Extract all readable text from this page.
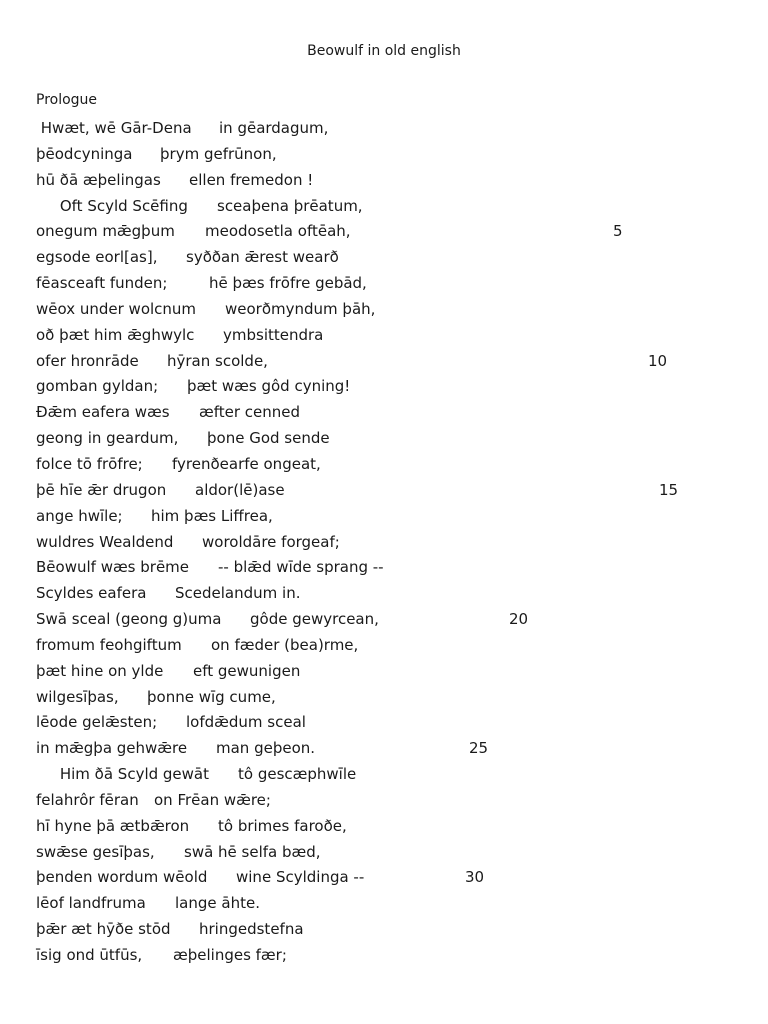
Beowulf in old english
Prologue
Hwæt, wē Gār-Dena in gēardagum,
þēodcyninga þrym gefrūnon,
hū ðā æþelingas ellen fremedon !
Oft Scyld Scēfing sceaþena þrēatum,
onegum mǣgþum meodosetla oftēah,	5
egsode eorl[as], syððan ǣrest wearð
fēasceaft funden;	hē þæs frōfre gebād,
wēox under wolcnum weorðmyndum þāh,
oð þæt him ǣghwylc ymbsittendra
ofer hronrāde hȳran scolde,	10
gomban gyldan; þæt wæs gôd cyning!
Ðǣm eafera wæs æfter cenned
geong in geardum, þone God sende
folce tō frōfre; fyrenðearfe ongeat,
þē hīe ǣr drugon aldor(lē)ase	15
ange hwīle; him þæs Liffrea,
wuldres Wealdend woroldāre forgeaf;
Bēowulf wæs brēme -- blǣd wīde sprang --
Scyldes eafera Scedelandum in.
Swā sceal (geong g)uma gôde gewyrcean,	20
fromum feohgiftum on fæder (bea)rme,
þæt hine on ylde eft gewunigen
wilgesīþas, þonne wīg cume,
lēode gelǣsten; lofdǣdum sceal
in mǣgþa gehwǣre man geþeon.	25
Him ðā Scyld gewāt tô gescæphwīle
felahrôr fēran on Frēan wǣre;
hī hyne þā ætbǣron tô brimes faroðe,
swǣse gesīþas, swā hē selfa bæd,
þenden wordum wēold wine Scyldinga --	30
lēof landfruma lange āhte.
þǣr æt hȳðe stōd hringedstefna
īsig ond ūtfūs, æþelinges fær;
